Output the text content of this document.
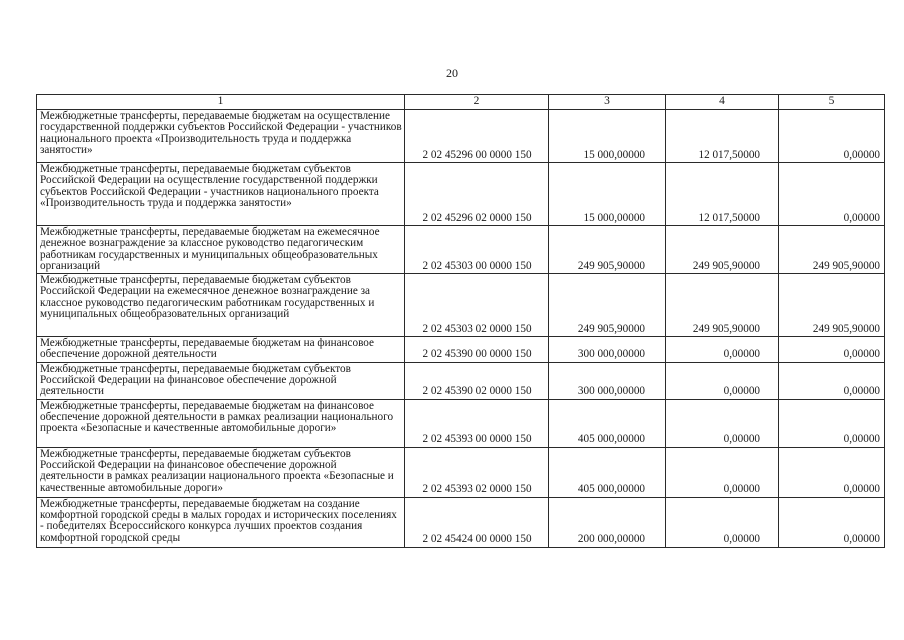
20
1	2	3	4	5
Межбюджетные трансферты, передаваемые бюджетам на осуществление государственной поддержки субъектов Российской Федерации - участников национального проекта «Производительность труда и поддержка занятости»	2 02 45296 00 0000 150	15 000,00000	12 017,50000	0,00000
Межбюджетные трансферты, передаваемые бюджетам субъектов Российской Федерации на осуществление государственной поддержки субъектов Российской Федерации - участников национального проекта «Производительность труда и поддержка занятости»	2 02 45296 02 0000 150	15 000,00000	12 017,50000	0,00000
Межбюджетные трансферты, передаваемые бюджетам на ежемесячное денежное вознаграждение за классное руководство педагогическим работникам государственных и муниципальных общеобразовательных организаций	2 02 45303 00 0000 150	249 905,90000	249 905,90000	249 905,90000
Межбюджетные трансферты, передаваемые бюджетам субъектов Российской Федерации на ежемесячное денежное вознаграждение за классное руководство педагогическим работникам государственных и муниципальных общеобразовательных организаций	2 02 45303 02 0000 150	249 905,90000	249 905,90000	249 905,90000
Межбюджетные трансферты, передаваемые бюджетам на финансовое обеспечение дорожной деятельности	2 02 45390 00 0000 150	300 000,00000	0,00000	0,00000
Межбюджетные трансферты, передаваемые бюджетам субъектов Российской Федерации на финансовое обеспечение дорожной деятельности	2 02 45390 02 0000 150	300 000,00000	0,00000	0,00000
Межбюджетные трансферты, передаваемые бюджетам на финансовое обеспечение дорожной деятельности в рамках реализации национального проекта «Безопасные и качественные автомобильные дороги»	2 02 45393 00 0000 150	405 000,00000	0,00000	0,00000
Межбюджетные трансферты, передаваемые бюджетам субъектов Российской Федерации на финансовое обеспечение дорожной деятельности в рамках реализации национального проекта «Безопасные и качественные автомобильные дороги»	2 02 45393 02 0000 150	405 000,00000	0,00000	0,00000
Межбюджетные трансферты, передаваемые бюджетам на создание комфортной городской среды в малых городах и исторических поселениях - победителях Всероссийского конкурса лучших проектов создания комфортной городской среды	2 02 45424 00 0000 150	200 000,00000	0,00000	0,00000
